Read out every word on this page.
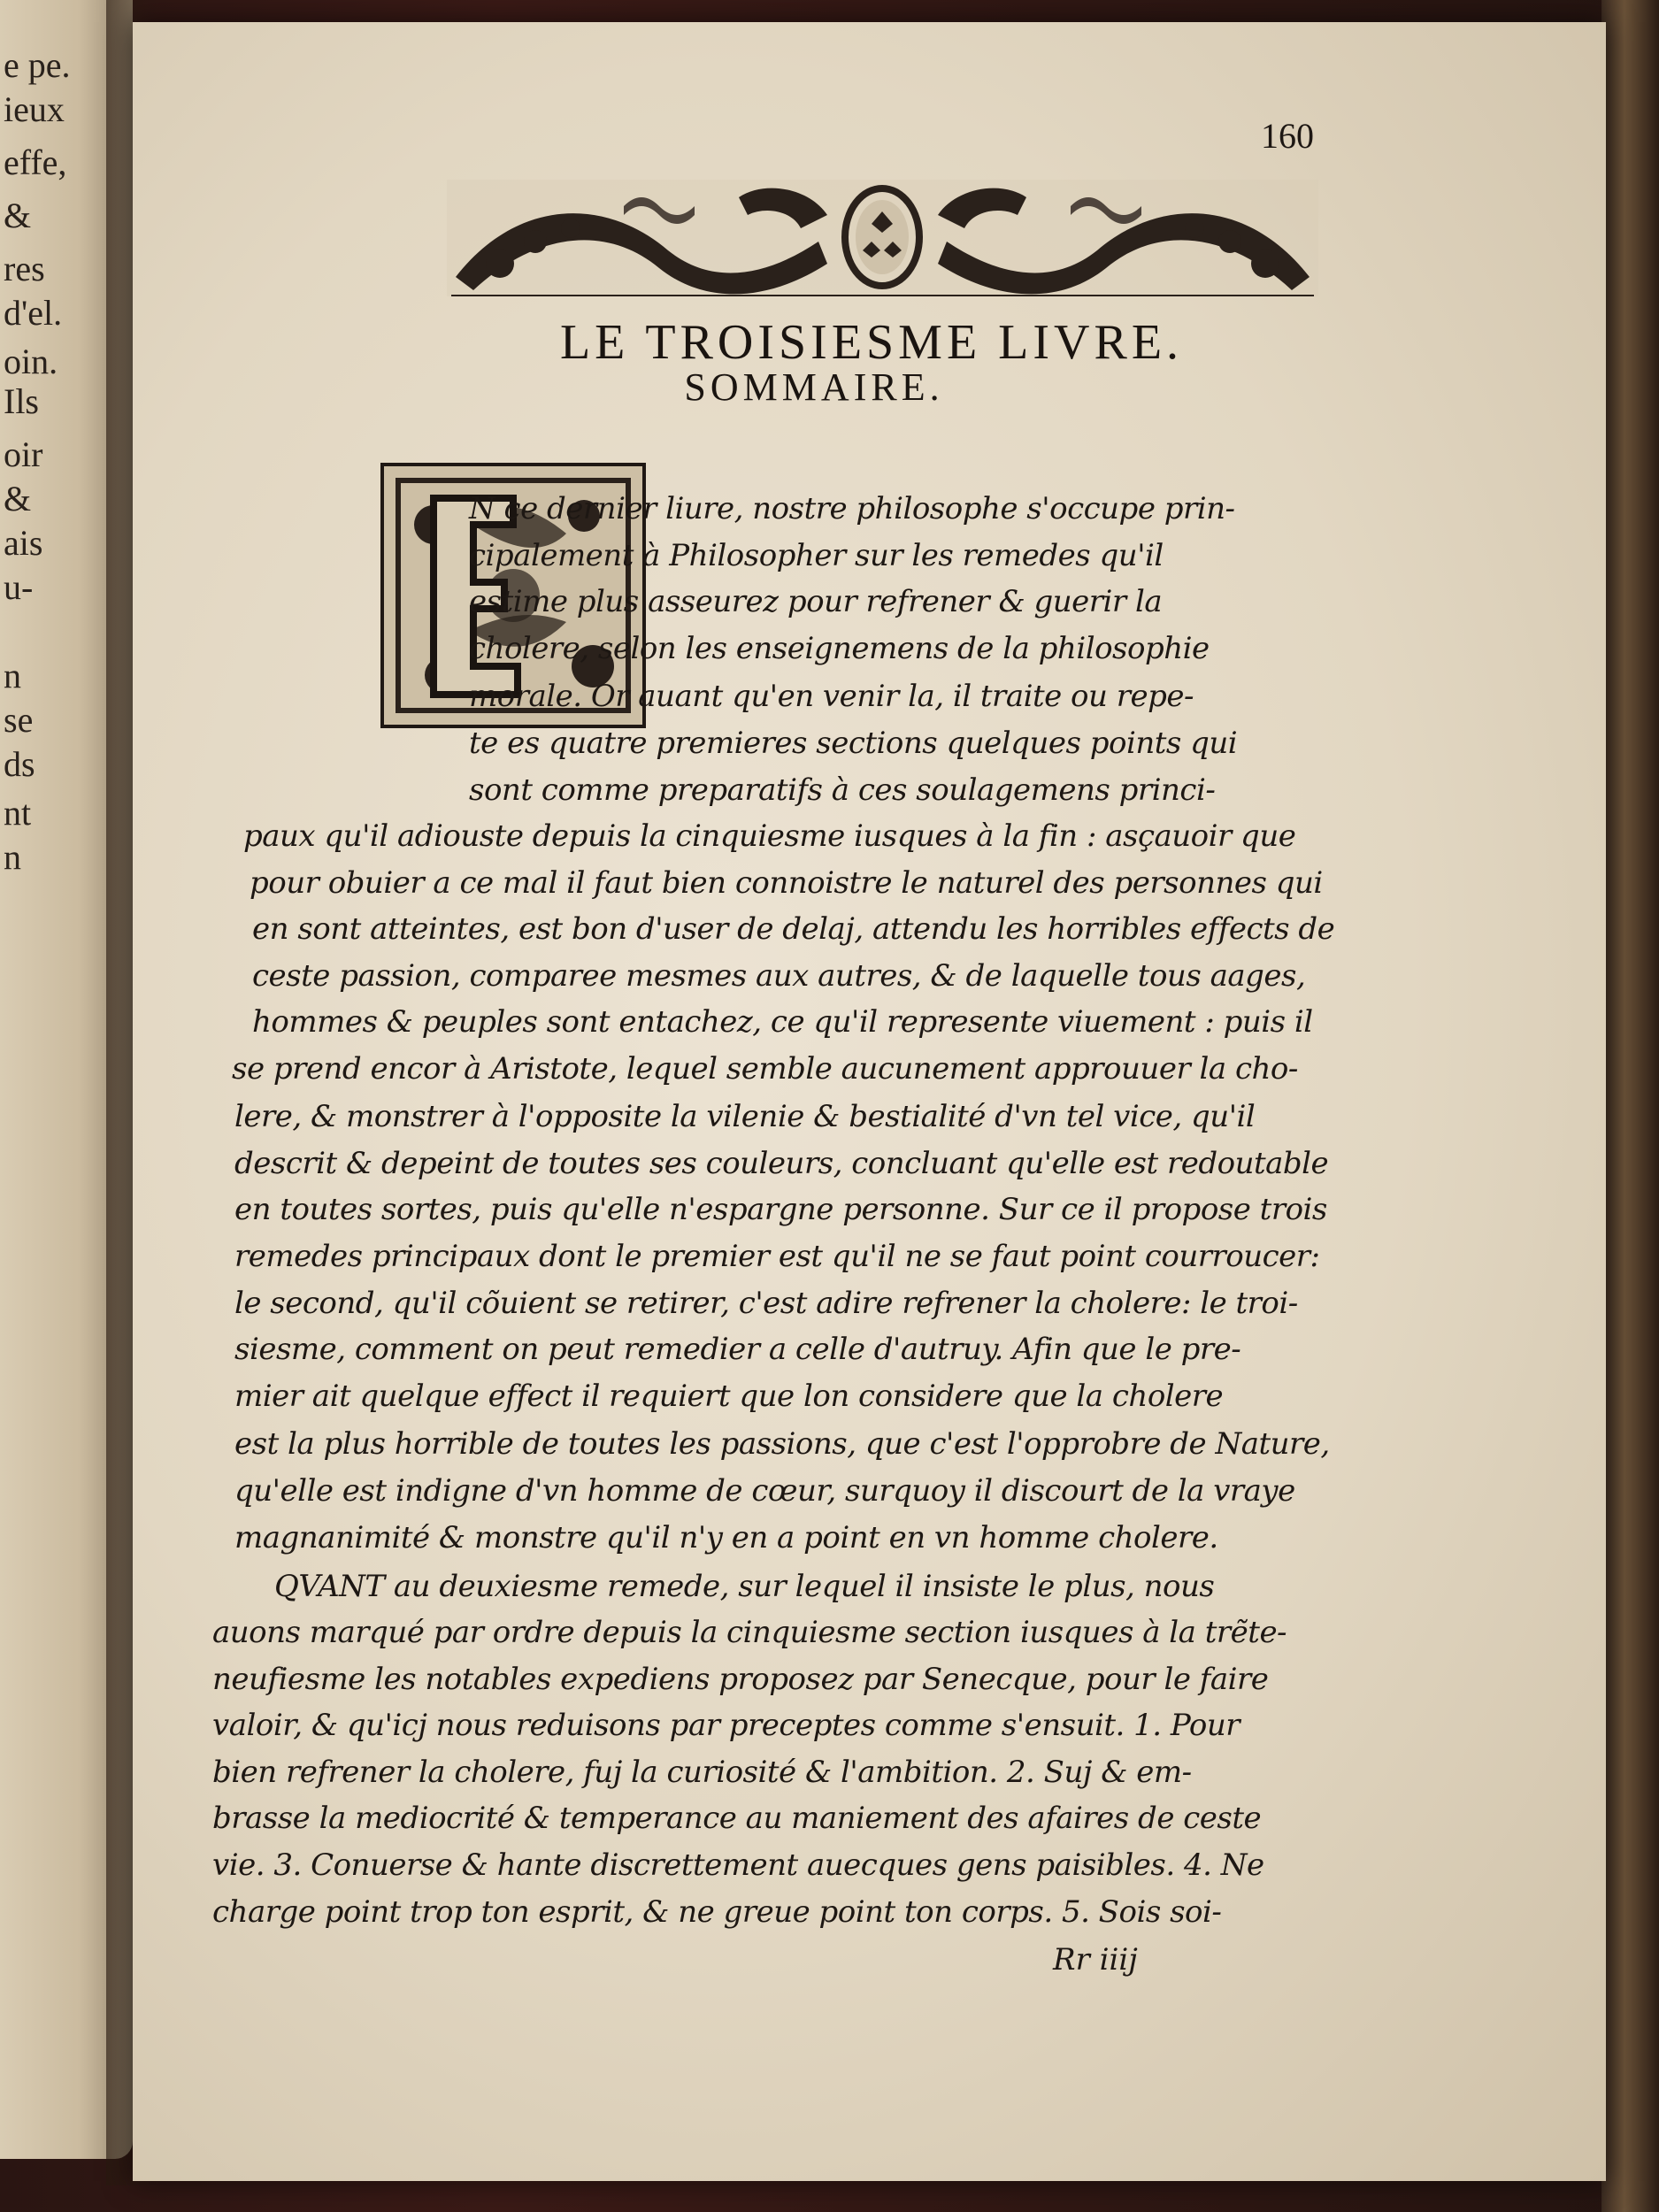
e pe.
ieux
effe,
&
res
d'el.
oin.
Ils
oir
&
ais
u-
n
se
ds
nt
n
160
LE TROISIESME LIVRE.
SOMMAIRE.
N ce dernier liure, nostre philosophe s'occupe prin-
cipalement à Philosopher sur les remedes qu'il
estime plus asseurez pour refrener & guerir la
cholere, selon les enseignemens de la philosophie
morale. Or auant qu'en venir la, il traite ou repe-
te es quatre premieres sections quelques points qui
sont comme preparatifs à ces soulagemens princi-
paux qu'il adiouste depuis la cinquiesme iusques à la fin : asçauoir que
pour obuier a ce mal il faut bien connoistre le naturel des personnes qui
en sont atteintes, est bon d'user de delaj, attendu les horribles effects de
ceste passion, comparee mesmes aux autres, & de laquelle tous aages,
hommes & peuples sont entachez, ce qu'il represente viuement : puis il
se prend encor à Aristote, lequel semble aucunement approuuer la cho-
lere, & monstrer à l'opposite la vilenie & bestialité d'vn tel vice, qu'il
descrit & depeint de toutes ses couleurs, concluant qu'elle est redoutable
en toutes sortes, puis qu'elle n'espargne personne. Sur ce il propose trois
remedes principaux dont le premier est qu'il ne se faut point courroucer:
le second, qu'il cõuient se retirer, c'est adire refrener la cholere: le troi-
siesme, comment on peut remedier a celle d'autruy. Afin que le pre-
mier ait quelque effect il requiert que lon considere que la cholere
est la plus horrible de toutes les passions, que c'est l'opprobre de Nature,
qu'elle est indigne d'vn homme de cœur, surquoy il discourt de la vraye
magnanimité & monstre qu'il n'y en a point en vn homme cholere.
QVANT au deuxiesme remede, sur lequel il insiste le plus, nous
auons marqué par ordre depuis la cinquiesme section iusques à la trẽte-
neufiesme les notables expediens proposez par Senecque, pour le faire
valoir, & qu'icj nous reduisons par preceptes comme s'ensuit. 1. Pour
bien refrener la cholere, fuj la curiosité & l'ambition. 2. Suj & em-
brasse la mediocrité & temperance au maniement des afaires de ceste
vie. 3. Conuerse & hante discrettement auecques gens paisibles. 4. Ne
charge point trop ton esprit, & ne greue point ton corps. 5. Sois soi-
Rr iiij
